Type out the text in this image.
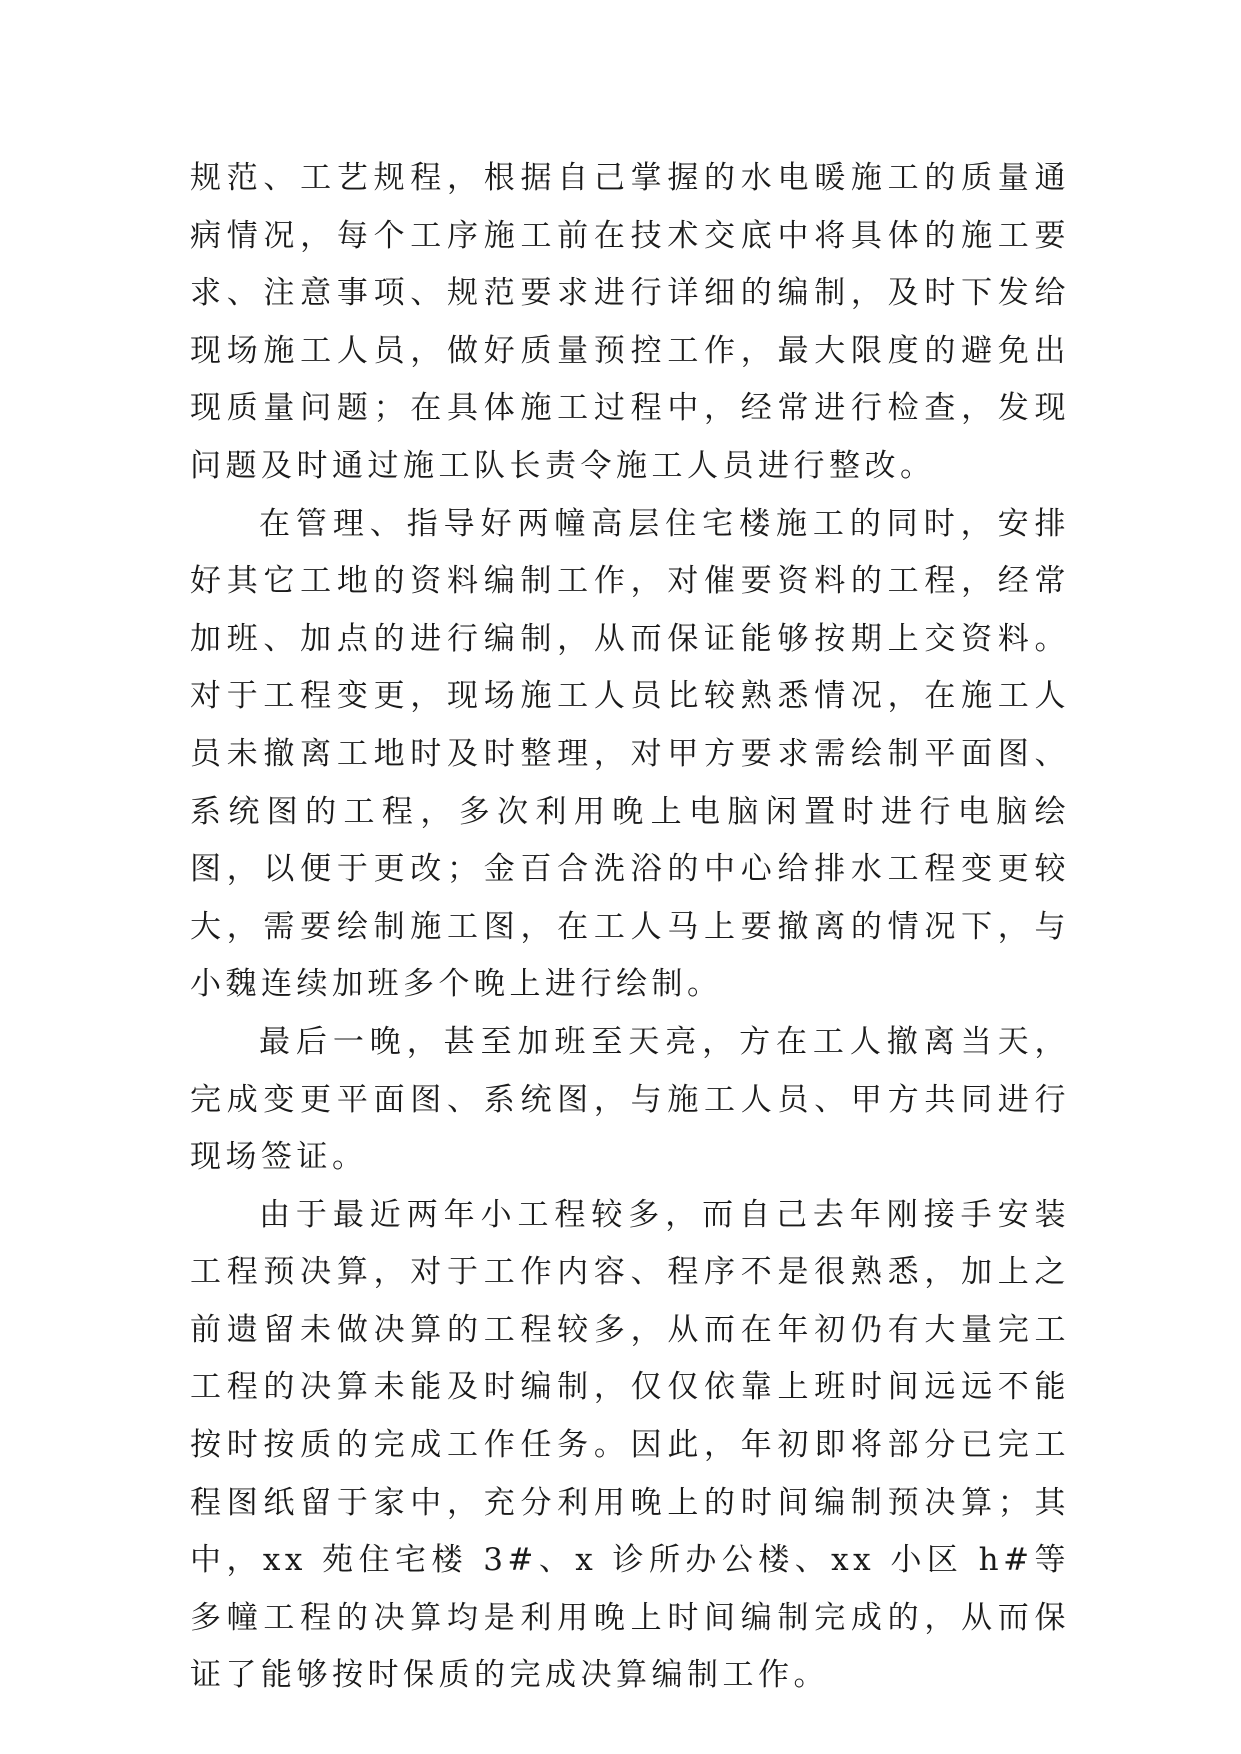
规范、工艺规程，根据自己掌握的水电暖施工的质量通病情况，每个工序施工前在技术交底中将具体的施工要求、注意事项、规范要求进行详细的编制，及时下发给现场施工人员，做好质量预控工作，最大限度的避免出现质量问题；在具体施工过程中，经常进行检查，发现问题及时通过施工队长责令施工人员进行整改。

在管理、指导好两幢高层住宅楼施工的同时，安排好其它工地的资料编制工作，对催要资料的工程，经常加班、加点的进行编制，从而保证能够按期上交资料。对于工程变更，现场施工人员比较熟悉情况，在施工人员未撤离工地时及时整理，对甲方要求需绘制平面图、系统图的工程，多次利用晚上电脑闲置时进行电脑绘图，以便于更改；金百合洗浴的中心给排水工程变更较大，需要绘制施工图，在工人马上要撤离的情况下，与小魏连续加班多个晚上进行绘制。

最后一晚，甚至加班至天亮，方在工人撤离当天，完成变更平面图、系统图，与施工人员、甲方共同进行现场签证。

由于最近两年小工程较多，而自己去年刚接手安装工程预决算，对于工作内容、程序不是很熟悉，加上之前遗留未做决算的工程较多，从而在年初仍有大量完工工程的决算未能及时编制，仅仅依靠上班时间远远不能按时按质的完成工作任务。因此，年初即将部分已完工程图纸留于家中，充分利用晚上的时间编制预决算；其中，xx 苑住宅楼 3#、x 诊所办公楼、xx 小区 h#等多幢工程的决算均是利用晚上时间编制完成的，从而保证了能够按时保质的完成决算编制工作。
